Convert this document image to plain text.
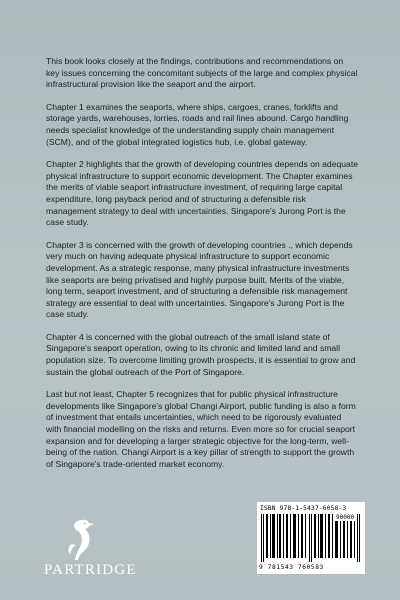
This book looks closely at the findings, contributions and recommendations on key issues concerning the concomitant subjects of the large and complex physical infrastructural provision like the seaport and the airport.

Chapter 1 examines the seaports, where ships, cargoes, cranes, forklifts and storage yards, warehouses, lorries, roads and rail lines abound. Cargo handling needs specialist knowledge of the understanding supply chain management (SCM), and of the global integrated logistics hub, i.e. global gateway.

Chapter 2 highlights that the growth of developing countries depends on adequate physical infrastructure to support economic development. The Chapter examines the merits of viable seaport infrastructure investment, of requiring large capital expenditure, long payback period and of structuring a defensible risk management strategy to deal with uncertainties. Singapore's Jurong Port is the case study.

Chapter 3 is concerned with the growth of developing countries ., which depends very much on having adequate physical infrastructure to support economic development. As a strategic response, many physical infrastructure investments like seaports are being privatised and highly purpose built. Merits of the viable, long term, seaport investment, and of structuring a defensible risk management strategy are essential to deal with uncertainties. Singapore's Jurong Port is the case study.

Chapter 4 is concerned with the global outreach of the small island state of Singapore's seaport operation, owing to its chronic and limited land and small population size. To overcome limiting growth prospects, it is essential to grow and sustain the global outreach of the Port of Singapore.

Last but not least, Chapter 5 recognizes that for public physical infrastructure developments like Singapore's global Changi Airport, public funding is also a form of investment that entails uncertainties, which need to be rigorously evaluated with financial modelling on the risks and returns. Even more so for crucial seaport expansion and for developing a larger strategic objective for the long-term, well-being of the nation. Changi Airport is a key pillar of strength to support the growth of Singapore's trade-oriented market economy.

PARTRIDGE
ISBN 978-1-5437-6058-3
90000
9 781543 760583
